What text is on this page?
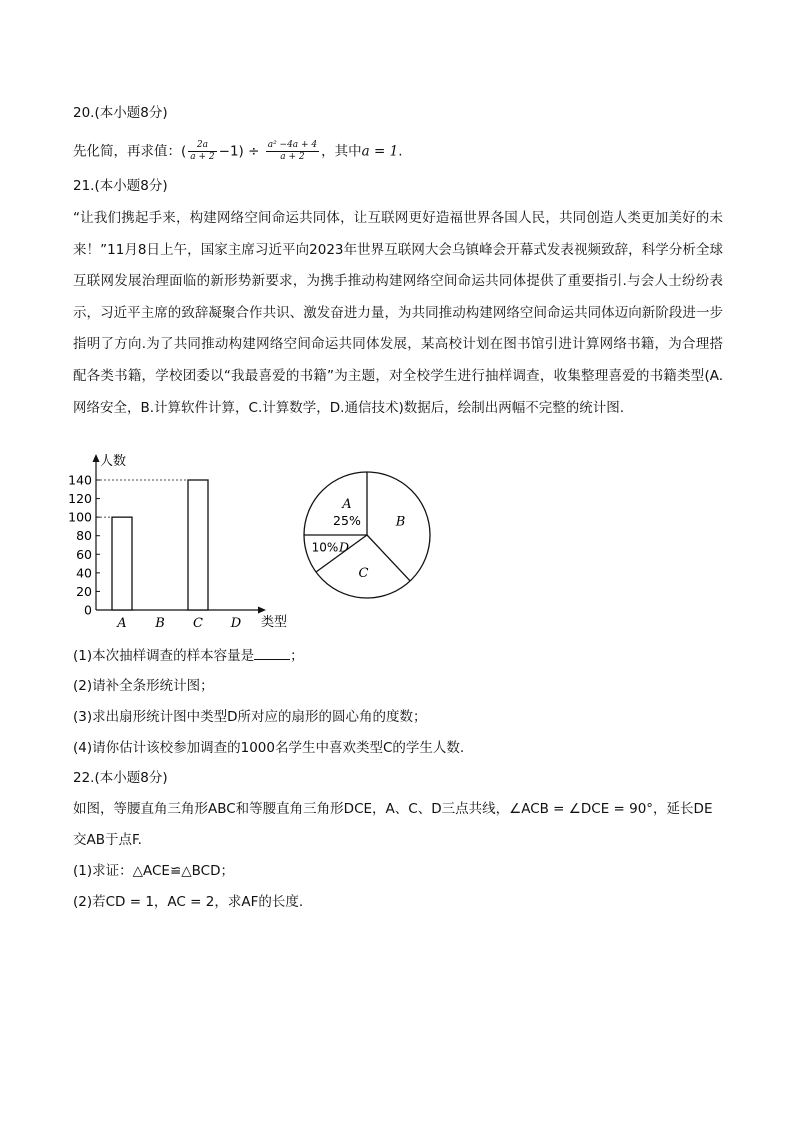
20.(本小题8分)
先化简，再求值：( $\frac{2a}{a + 2} -1) \div \frac{\text{a² −4a + 4}}{a + 2}$ ，其中a = 1.
21.(本小题8分)
“让我们携起手来，构建网络空间命运共同体，让互联网更好造福世界各国人民，共同创造人类更加美好的未来！”11月8日上午，国家主席习近平向2023年世界互联网大会乌镇峰会开幕式发表视频致辞，科学分析全球互联网发展治理面临的新形势新要求，为携手推动构建网络空间命运共同体提供了重要指引.与会人士纷纷表示，习近平主席的致辞凝聚合作共识、激发奋进力量，为共同推动构建网络空间命运共同体迈向新阶段进一步指明了方向.为了共同推动构建网络空间命运共同体发展，某高校计划在图书馆引进计算网络书籍，为合理搭配各类书籍，学校团委以“我最喜爱的书籍”为主题，对全校学生进行抽样调查，收集整理喜爱的书籍类型(A.网络安全，B.计算软件计算，C.计算数学，D.通信技术)数据后，绘制出两幅不完整的统计图.
0
20
40
60
80
100
120
140
A B C D
人数
类型
A
25%	B
C
10% D
(1)本次抽样调查的样本容量是	；
(2)请补全条形统计图；
(3)求出扇形统计图中类型D所对应的扇形的圆心角的度数；
(4)请你估计该校参加调查的1000名学生中喜欢类型C的学生人数.
22.(本小题8分)
如图，等腰直角三角形ABC和等腰直角三角形DCE，A、C、D三点共线，∠ACB = ∠DCE = 90°，延长DE
交AB于点F.
(1)求证：△ACE≌△BCD；
(2)若CD = 1，AC = 2，求AF的长度.
